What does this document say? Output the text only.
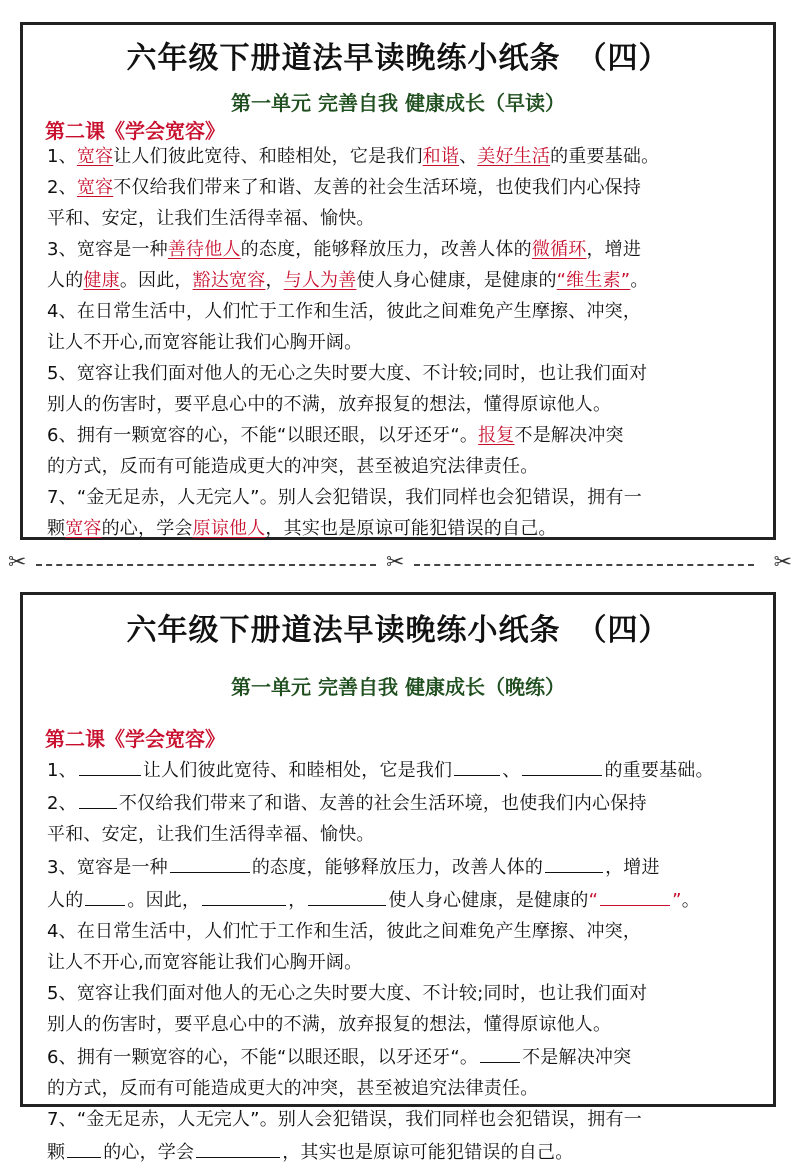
六年级下册道法早读晚练小纸条　（四）
第一单元 完善自我 健康成长（早读）
第二课《学会宽容》

1、宽容让人们彼此宽待、和睦相处，它是我们和谐、美好生活的重要基础。

2、宽容不仅给我们带来了和谐、友善的社会生活环境，也使我们内心保持

平和、安定，让我们生活得幸福、愉快。

3、宽容是一种善待他人的态度，能够释放压力，改善人体的微循环，增进

人的健康。因此，豁达宽容，与人为善使人身心健康，是健康的“维生素”。

4、在日常生活中，人们忙于工作和生活，彼此之间难免产生摩擦、冲突，

让人不开心,而宽容能让我们心胸开阔。

5、宽容让我们面对他人的无心之失时要大度、不计较;同时，也让我们面对

别人的伤害时，要平息心中的不满，放弃报复的想法，懂得原谅他人。

6、拥有一颗宽容的心，不能“以眼还眼，以牙还牙“。报复不是解决冲突

的方式，反而有可能造成更大的冲突，甚至被追究法律责任。

7、“金无足赤，人无完人”。别人会犯错误，我们同样也会犯错误，拥有一

颗宽容的心，学会原谅他人，其实也是原谅可能犯错误的自己。

✂	✂	✂
六年级下册道法早读晚练小纸条　（四）
第一单元 完善自我 健康成长（晚练）
第二课《学会宽容》

1、	让人们彼此宽待、和睦相处，它是我们	、	的重要基础。

2、 不仅给我们带来了和谐、友善的社会生活环境，也使我们内心保持

平和、安定，让我们生活得幸福、愉快。

3、宽容是一种	的态度，能够释放压力，改善人体的	，增进

人的 。因此，	，	使人身心健康，是健康的“	”。

4、在日常生活中，人们忙于工作和生活，彼此之间难免产生摩擦、冲突，

让人不开心,而宽容能让我们心胸开阔。

5、宽容让我们面对他人的无心之失时要大度、不计较;同时，也让我们面对

别人的伤害时，要平息心中的不满，放弃报复的想法，懂得原谅他人。

6、拥有一颗宽容的心，不能“以眼还眼，以牙还牙“。 不是解决冲突

的方式，反而有可能造成更大的冲突，甚至被追究法律责任。

7、“金无足赤，人无完人”。别人会犯错误，我们同样也会犯错误，拥有一

颗 的心，学会	，其实也是原谅可能犯错误的自己。
